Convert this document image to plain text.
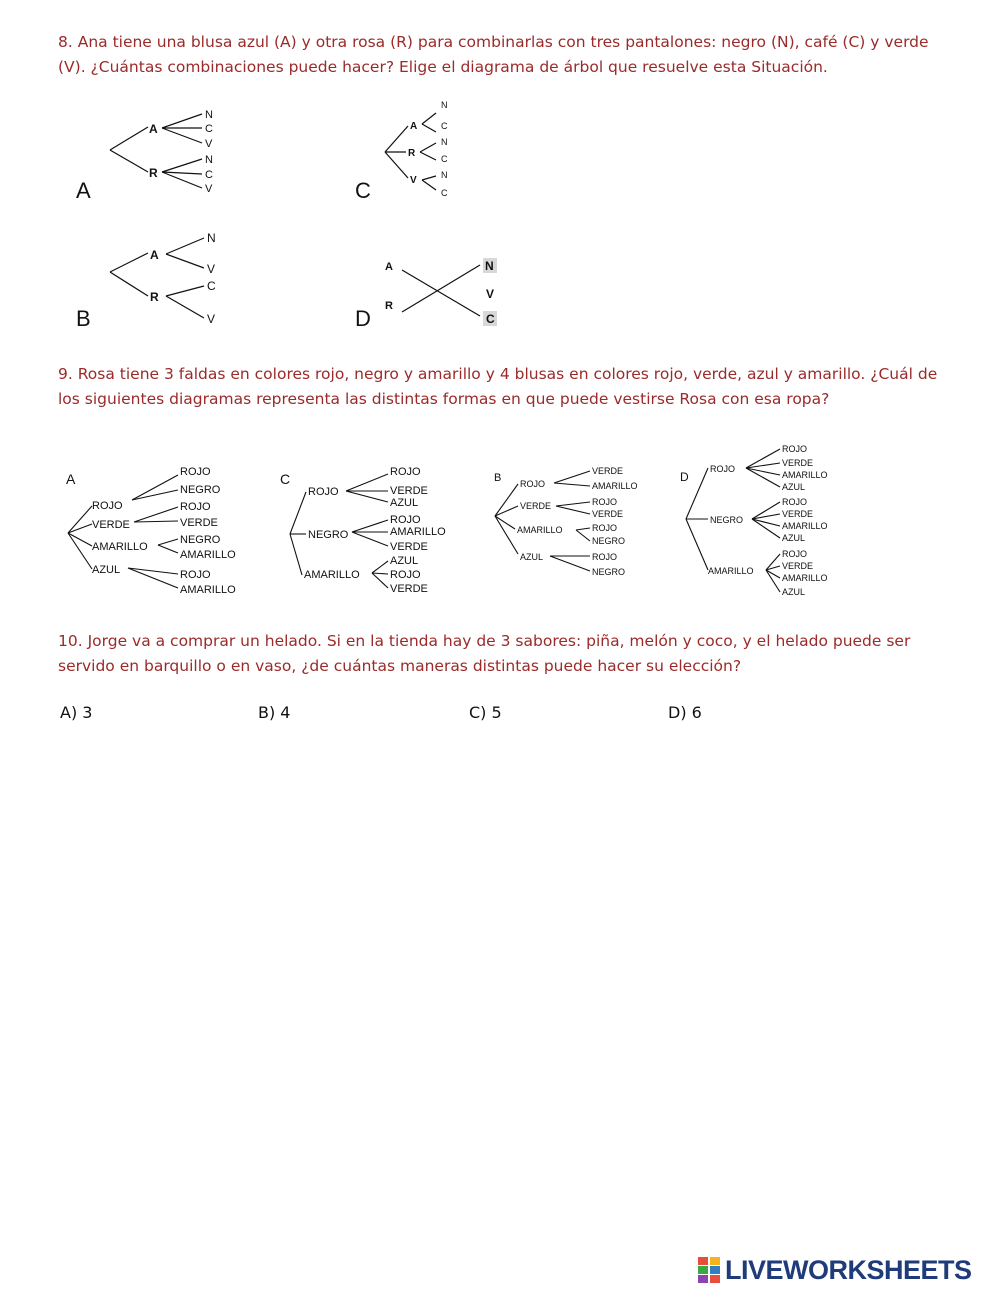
8. Ana tiene una blusa azul (A) y otra rosa (R) para combinarlas con tres pantalones: negro (N), café (C) y verde (V). ¿Cuántas combinaciones puede hacer? Elige el diagrama de árbol que resuelve esta Situación.
9. Rosa tiene 3 faldas en colores rojo, negro y amarillo y 4 blusas en colores rojo, verde, azul y amarillo. ¿Cuál de los siguientes diagramas representa las distintas formas en que puede vestirse Rosa con esa ropa?
10. Jorge va a comprar un helado. Si en la tienda hay de 3 sabores: piña, melón y coco, y el helado puede ser servido en barquillo o en vaso, ¿de cuántas maneras distintas puede hacer su elección?
A
B
C
D
A
R
N
C
V
N
C
V
A
R
N
V
C
V
A
R
V
N
C
N
C
N
C
A
R
N
V
C
A	C	B	D
ROJO
VERDE
AMARILLO
AZUL
ROJO
NEGRO
ROJO
VERDE
NEGRO
AMARILLO
ROJO
AMARILLO
ROJO
NEGRO
AMARILLO
ROJO
VERDE
AZUL
ROJO
AMARILLO
VERDE
AZUL
ROJO
VERDE
ROJO
VERDE
AMARILLO
AZUL
VERDE
AMARILLO
ROJO
VERDE
ROJO
NEGRO
ROJO
NEGRO
ROJO
NEGRO
AMARILLO
ROJO
VERDE
AMARILLO
AZUL
ROJO
VERDE
AMARILLO
AZUL
ROJO
VERDE
AMARILLO
AZUL
A) 3	B) 4	C) 5	D) 6
LIVEWORKSHEETS
